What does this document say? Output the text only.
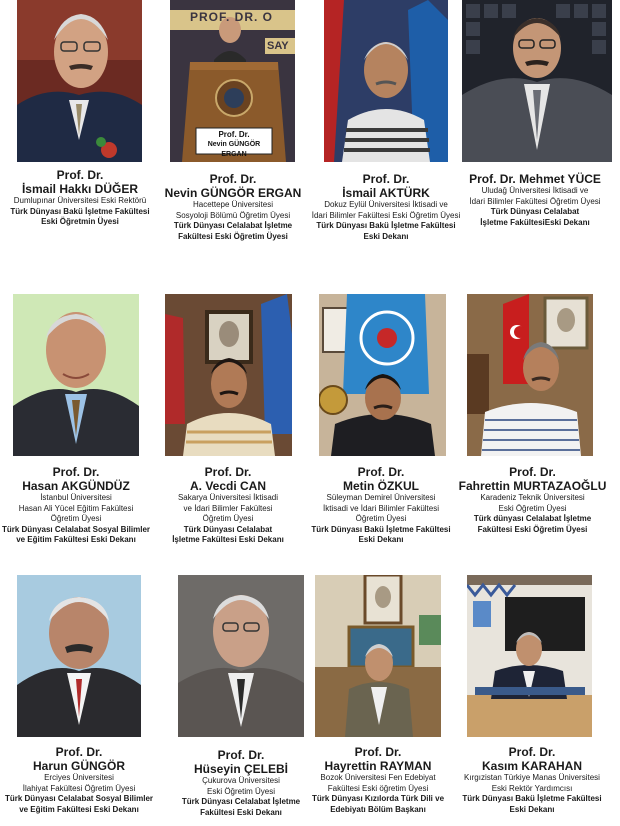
Prof. Dr.
İsmail Hakkı DÜĞER
Dumlupınar Üniversitesi Eski Rektörü
Türk Dünyası Bakü İşletme Fakültesi
Eski Öğretmin Üyesi
PROF. DR. O
SAY
Prof. Dr.
Nevin GÜNGÖR ERGAN
Prof. Dr.
Nevin GÜNGÖR ERGAN
Hacettepe Üniversitesi
Sosyoloji Bölümü Öğretim Üyesi
Türk Dünyası Celalabat İşletme
Fakültesi Eski Öğretim Üyesi
Prof. Dr.
İsmail AKTÜRK
Dokuz Eylül Üniversitesi İktisadi ve
İdari Bilimler Fakültesi Eski Öğretim Üyesi
Türk Dünyası Bakü İşletme Fakültesi
Eski Dekanı
Prof. Dr. Mehmet YÜCE
Uludağ Üniversitesi İktisadi ve
İdari Bilimler Fakültesi Öğretim Üyesi
Türk Dünyası Celalabat
İşletme FakültesiEski Dekanı
Prof. Dr.
Hasan AKGÜNDÜZ
İstanbul Üniversitesi
Hasan Ali Yücel Eğitim Fakültesi
Öğretim Üyesi
Türk Dünyası Celalabat Sosyal Bilimler
ve Eğitim Fakültesi Eski Dekanı
Prof. Dr.
A. Vecdi CAN
Sakarya Üniversitesi İktisadi
ve İdari Bilimler Fakültesi
Öğretim Üyesi
Türk Dünyası Celalabat
İşletme Fakültesi Eski Dekanı
Prof. Dr.
Metin ÖZKUL
Süleyman Demirel Üniversitesi
İktisadi ve İdari Bilimler Fakültesi
Öğretim Üyesi
Türk Dünyası Bakü İşletme Fakültesi
Eski Dekanı
Prof. Dr.
Fahrettin MURTAZAOĞLU
Karadeniz Teknik Üniversitesi
Eski Öğretim Üyesi
Türk dünyası Celalabat İşletme
Fakültesi Eski Öğretim Üyesi
Prof. Dr.
Harun GÜNGÖR
Erciyes Üniversitesi
İlahiyat Fakültesi Öğretim Üyesi
Türk Dünyası Celalabat Sosyal Bilimler
ve Eğitim Fakültesi Eski Dekanı
Prof. Dr.
Hüseyin ÇELEBİ
Çukurova Üniversitesi
Eski Öğretim Üyesi
Türk Dünyası Celalabat İşletme
Fakültesi Eski Dekanı
Prof. Dr.
Hayrettin RAYMAN
Bozok Üniversitesi Fen Edebiyat
Fakültesi Eski öğretim Üyesi
Türk Dünyası Kızılorda Türk Dili ve
Edebiyatı Bölüm Başkanı
Prof. Dr.
Kasım KARAHAN
Kırgızistan Türkiye Manas Üniversitesi
Eski Rektör Yardımcısı
Türk Dünyası Bakü İşletme Fakültesi
Eski Dekanı
